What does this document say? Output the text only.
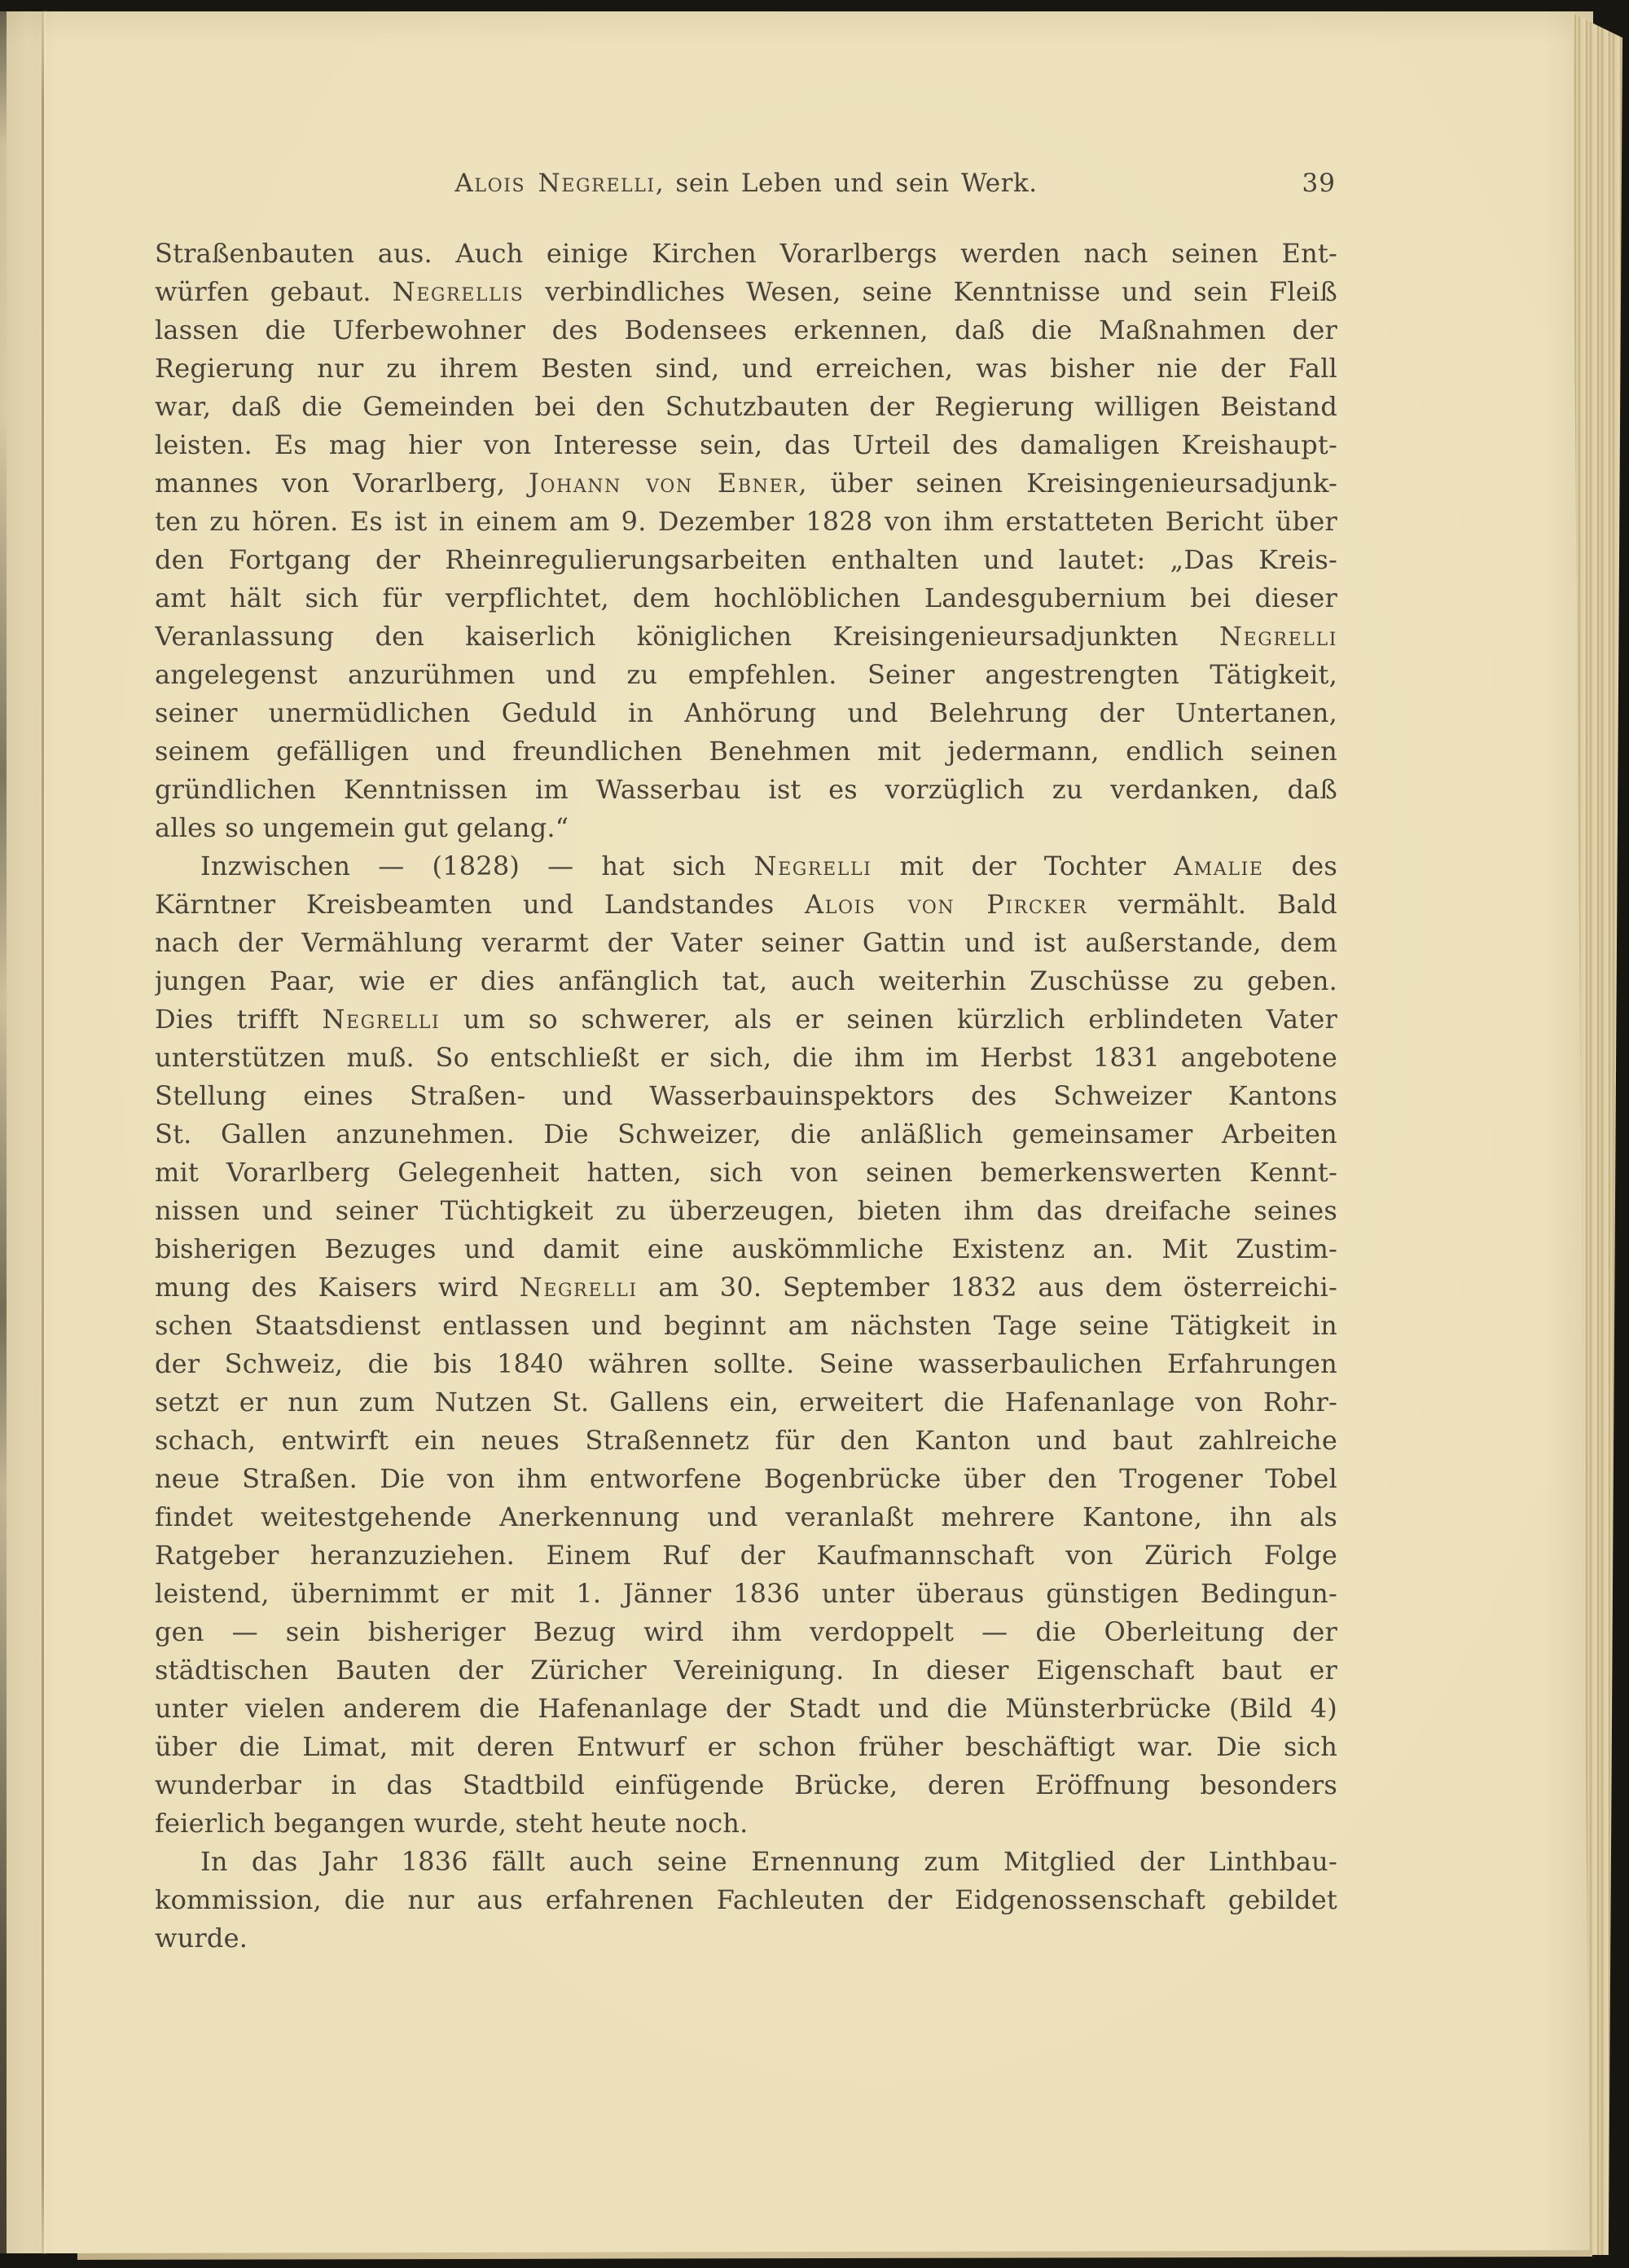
Alois Negrelli, sein Leben und sein Werk.	39
Straßenbauten aus. Auch einige Kirchen Vorarlbergs werden nach seinen Ent-
würfen gebaut. Negrellis verbindliches Wesen, seine Kenntnisse und sein Fleiß
lassen die Uferbewohner des Bodensees erkennen, daß die Maßnahmen der
Regierung nur zu ihrem Besten sind, und erreichen, was bisher nie der Fall
war, daß die Gemeinden bei den Schutzbauten der Regierung willigen Beistand
leisten. Es mag hier von Interesse sein, das Urteil des damaligen Kreishaupt-
mannes von Vorarlberg, Johann von Ebner, über seinen Kreisingenieursadjunk-
ten zu hören. Es ist in einem am 9. Dezember 1828 von ihm erstatteten Bericht über
den Fortgang der Rheinregulierungsarbeiten enthalten und lautet: „Das Kreis-
amt hält sich für verpflichtet, dem hochlöblichen Landesgubernium bei dieser
Veranlassung den kaiserlich königlichen Kreisingenieursadjunkten Negrelli
angelegenst anzurühmen und zu empfehlen. Seiner angestrengten Tätigkeit,
seiner unermüdlichen Geduld in Anhörung und Belehrung der Untertanen,
seinem gefälligen und freundlichen Benehmen mit jedermann, endlich seinen
gründlichen Kenntnissen im Wasserbau ist es vorzüglich zu verdanken, daß
alles so ungemein gut gelang.“
Inzwischen — (1828) — hat sich Negrelli mit der Tochter Amalie des
Kärntner Kreisbeamten und Landstandes Alois von Pircker vermählt. Bald
nach der Vermählung verarmt der Vater seiner Gattin und ist außerstande, dem
jungen Paar, wie er dies anfänglich tat, auch weiterhin Zuschüsse zu geben.
Dies trifft Negrelli um so schwerer, als er seinen kürzlich erblindeten Vater
unterstützen muß. So entschließt er sich, die ihm im Herbst 1831 angebotene
Stellung eines Straßen- und Wasserbauinspektors des Schweizer Kantons
St. Gallen anzunehmen. Die Schweizer, die anläßlich gemeinsamer Arbeiten
mit Vorarlberg Gelegenheit hatten, sich von seinen bemerkenswerten Kennt-
nissen und seiner Tüchtigkeit zu überzeugen, bieten ihm das dreifache seines
bisherigen Bezuges und damit eine auskömmliche Existenz an. Mit Zustim-
mung des Kaisers wird Negrelli am 30. September 1832 aus dem österreichi-
schen Staatsdienst entlassen und beginnt am nächsten Tage seine Tätigkeit in
der Schweiz, die bis 1840 währen sollte. Seine wasserbaulichen Erfahrungen
setzt er nun zum Nutzen St. Gallens ein, erweitert die Hafenanlage von Rohr-
schach, entwirft ein neues Straßennetz für den Kanton und baut zahlreiche
neue Straßen. Die von ihm entworfene Bogenbrücke über den Trogener Tobel
findet weitestgehende Anerkennung und veranlaßt mehrere Kantone, ihn als
Ratgeber heranzuziehen. Einem Ruf der Kaufmannschaft von Zürich Folge
leistend, übernimmt er mit 1. Jänner 1836 unter überaus günstigen Bedingun-
gen — sein bisheriger Bezug wird ihm verdoppelt — die Oberleitung der
städtischen Bauten der Züricher Vereinigung. In dieser Eigenschaft baut er
unter vielen anderem die Hafenanlage der Stadt und die Münsterbrücke (Bild 4)
über die Limat, mit deren Entwurf er schon früher beschäftigt war. Die sich
wunderbar in das Stadtbild einfügende Brücke, deren Eröffnung besonders
feierlich begangen wurde, steht heute noch.
In das Jahr 1836 fällt auch seine Ernennung zum Mitglied der Linthbau-
kommission, die nur aus erfahrenen Fachleuten der Eidgenossenschaft gebildet
wurde.
